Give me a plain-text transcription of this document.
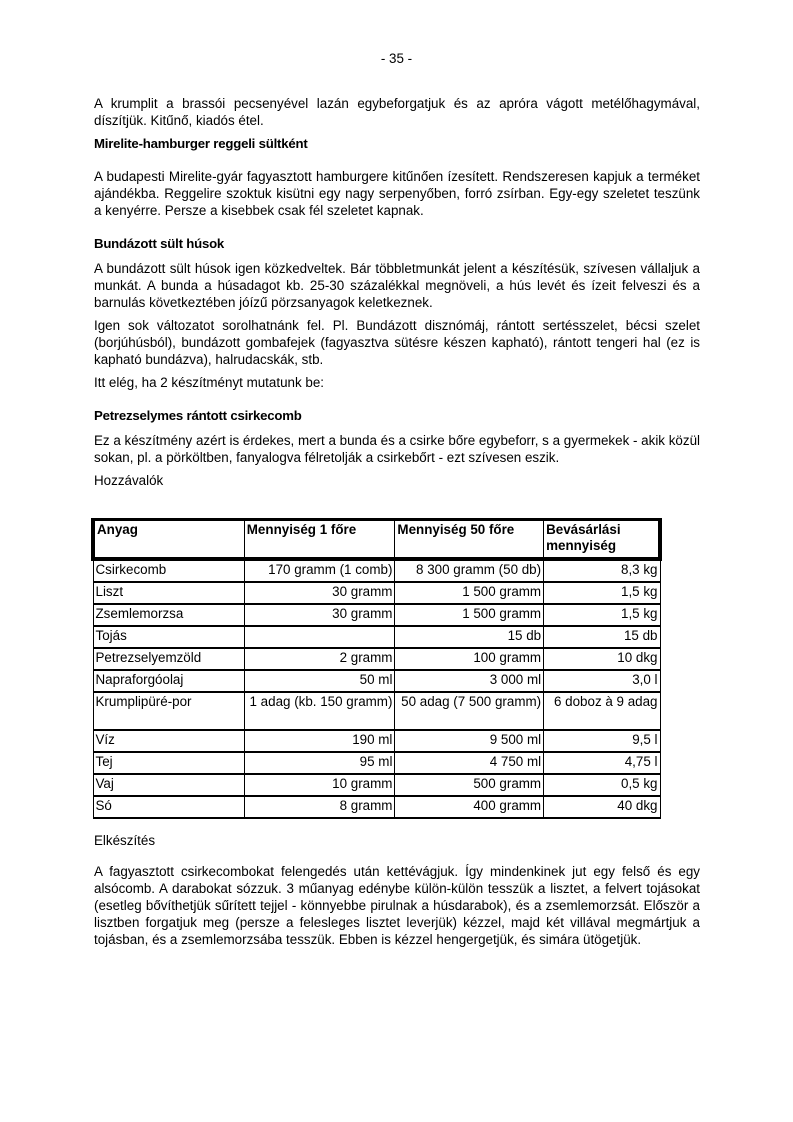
- 35 -

A krumplit a brassói pecsenyével lazán egybeforgatjuk és az apróra vágott metélőhagymával, díszítjük. Kitűnő, kiadós étel.

Mirelite-hamburger reggeli sültként

A budapesti Mirelite-gyár fagyasztott hamburgere kitűnően ízesített. Rendszeresen kapjuk a terméket ajándékba. Reggelire szoktuk kisütni egy nagy serpenyőben, forró zsírban. Egy-egy szeletet teszünk a kenyérre. Persze a kisebbek csak fél szeletet kapnak.

Bundázott sült húsok

A bundázott sült húsok igen közkedveltek. Bár többletmunkát jelent a készítésük, szívesen vállaljuk a munkát. A bunda a húsadagot kb. 25-30 százalékkal megnöveli, a hús levét és ízeit felveszi és a barnulás következtében jóízű pörzsanyagok keletkeznek.

Igen sok változatot sorolhatnánk fel. Pl. Bundázott disznómáj, rántott sertésszelet, bécsi szelet (borjúhúsból), bundázott gombafejek (fagyasztva sütésre készen kapható), rántott tengeri hal (ez is kapható bundázva), halrudacskák, stb.

Itt elég, ha 2 készítményt mutatunk be:

Petrezselymes rántott csirkecomb

Ez a készítmény azért is érdekes, mert a bunda és a csirke bőre egybeforr, s a gyermekek - akik közül sokan, pl. a pörköltben, fanyalogva félretolják a csirkebőrt - ezt szívesen eszik.

Hozzávalók

Anyag	Mennyiség 1 főre	Mennyiség 50 főre	Bevásárlási mennyiség
Csirkecomb	170 gramm (1 comb)	8 300 gramm (50 db)	8,3 kg
Liszt	30 gramm	1 500 gramm	1,5 kg
Zsemlemorzsa	30 gramm	1 500 gramm	1,5 kg
Tojás		15 db	15 db
Petrezselyemzöld	2 gramm	100 gramm	10 dkg
Napraforgóolaj	50 ml	3 000 ml	3,0 l
Krumplipüré-por	1 adag (kb. 150 gramm)	50 adag (7 500 gramm)	6 doboz à 9 adag
Víz	190 ml	9 500 ml	9,5 l
Tej	95 ml	4 750 ml	4,75 l
Vaj	10 gramm	500 gramm	0,5 kg
Só	8 gramm	400 gramm	40 dkg

Elkészítés

A fagyasztott csirkecombokat felengedés után kettévágjuk. Így mindenkinek jut egy felső és egy alsócomb. A darabokat sózzuk. 3 műanyag edénybe külön-külön tesszük a lisztet, a felvert tojásokat (esetleg bővíthetjük sűrített tejjel - könnyebbe pirulnak a húsdarabok), és a zsemlemorzsát. Először a lisztben forgatjuk meg (persze a felesleges lisztet leverjük) kézzel, majd két villával megmártjuk a tojásban, és a zsemlemorzsába tesszük. Ebben is kézzel hengergetjük, és simára ütögetjük.
